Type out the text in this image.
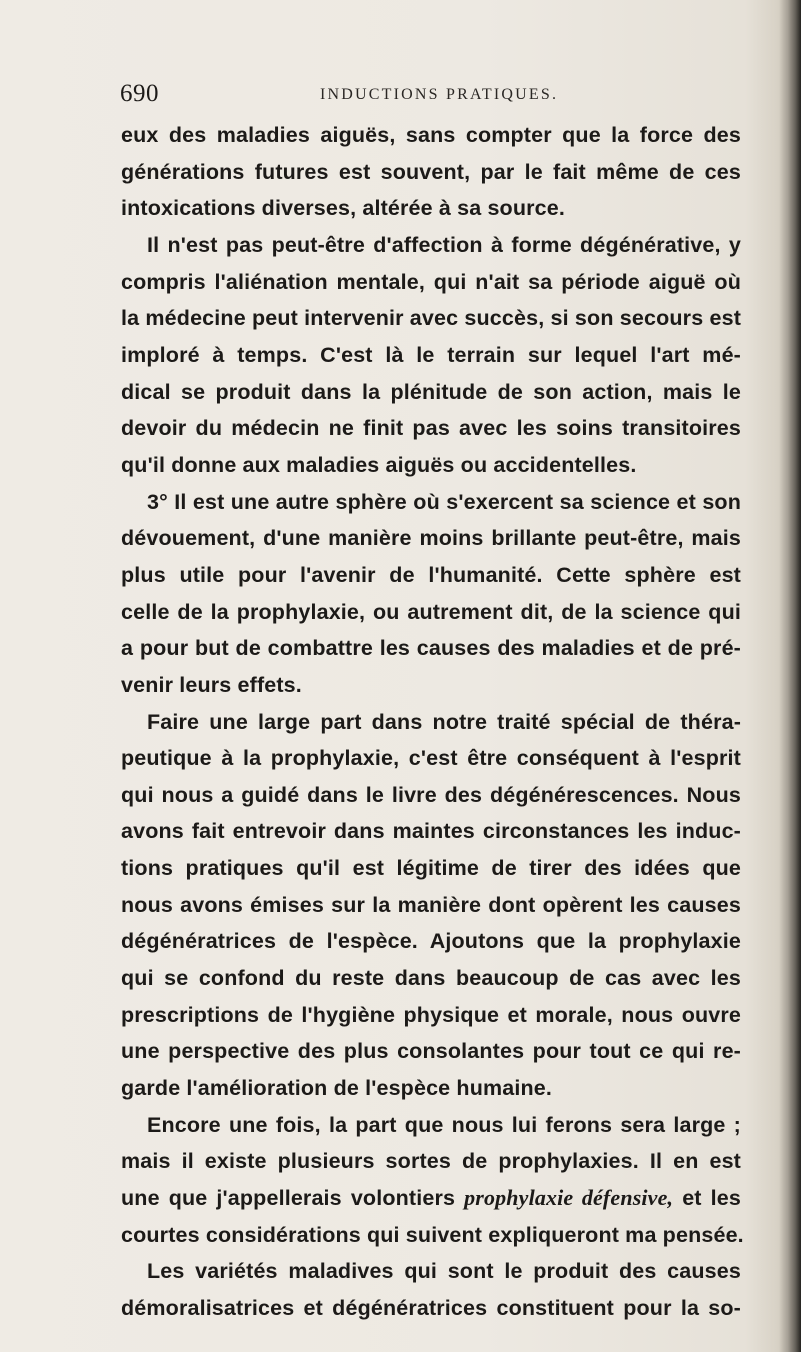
690	INDUCTIONS PRATIQUES.
eux des maladies aiguës, sans compter que la force des
générations futures est souvent, par le fait même de ces
intoxications diverses, altérée à sa source.
Il n'est pas peut-être d'affection à forme dégénérative, y
compris l'aliénation mentale, qui n'ait sa période aiguë où
la médecine peut intervenir avec succès, si son secours est
imploré à temps. C'est là le terrain sur lequel l'art mé-
dical se produit dans la plénitude de son action, mais le
devoir du médecin ne finit pas avec les soins transitoires
qu'il donne aux maladies aiguës ou accidentelles.
3° Il est une autre sphère où s'exercent sa science et son
dévouement, d'une manière moins brillante peut-être, mais
plus utile pour l'avenir de l'humanité. Cette sphère est
celle de la prophylaxie, ou autrement dit, de la science qui
a pour but de combattre les causes des maladies et de pré-
venir leurs effets.
Faire une large part dans notre traité spécial de théra-
peutique à la prophylaxie, c'est être conséquent à l'esprit
qui nous a guidé dans le livre des dégénérescences. Nous
avons fait entrevoir dans maintes circonstances les induc-
tions pratiques qu'il est légitime de tirer des idées que
nous avons émises sur la manière dont opèrent les causes
dégénératrices de l'espèce. Ajoutons que la prophylaxie
qui se confond du reste dans beaucoup de cas avec les
prescriptions de l'hygiène physique et morale, nous ouvre
une perspective des plus consolantes pour tout ce qui re-
garde l'amélioration de l'espèce humaine.
Encore une fois, la part que nous lui ferons sera large ;
mais il existe plusieurs sortes de prophylaxies. Il en est
une que j'appellerais volontiers prophylaxie défensive, et les
courtes considérations qui suivent expliqueront ma pensée.
Les variétés maladives qui sont le produit des causes
démoralisatrices et dégénératrices constituent pour la so-
